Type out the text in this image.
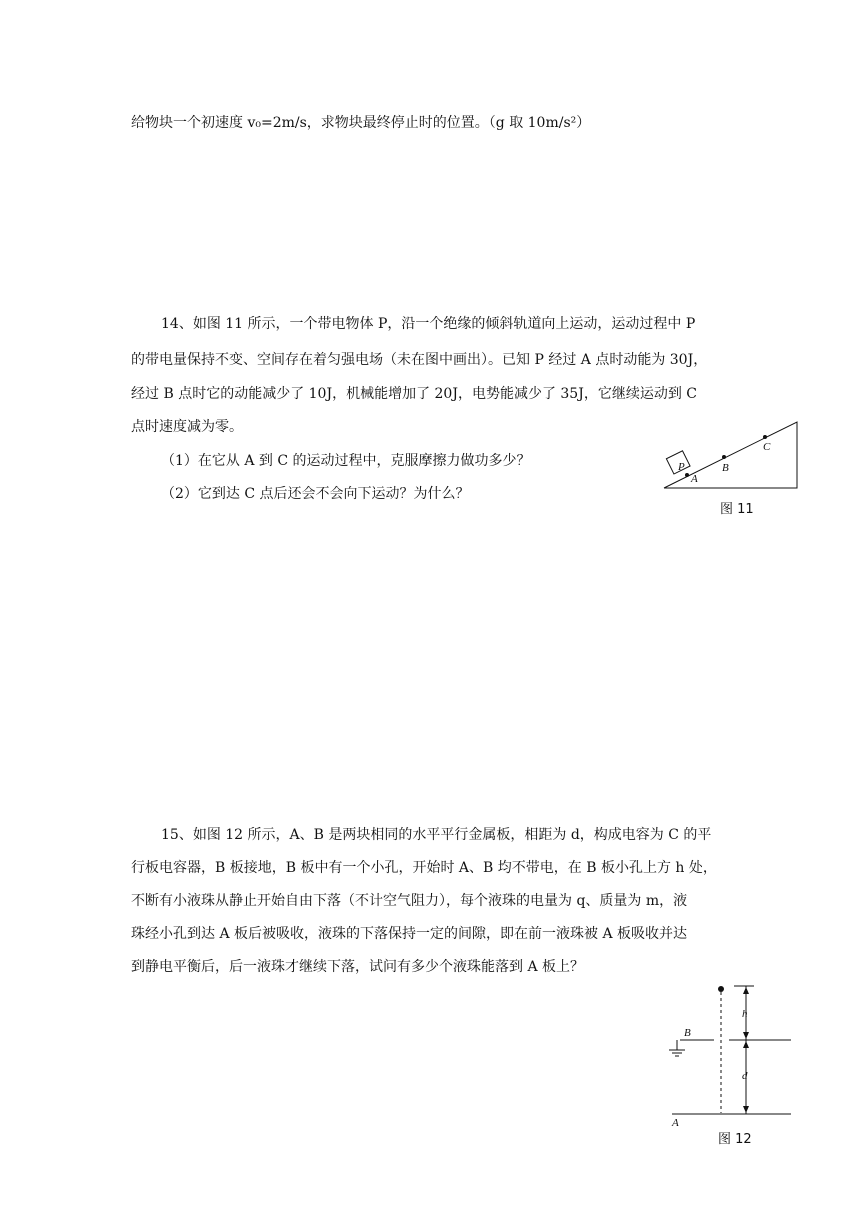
给物块一个初速度 v₀=2m/s，求物块最终停止时的位置。（g 取 10m/s²）
14、如图 11 所示，一个带电物体 P，沿一个绝缘的倾斜轨道向上运动，运动过程中 P
的带电量保持不变、空间存在着匀强电场（未在图中画出）。已知 P 经过 A 点时动能为 30J，
经过 B 点时它的动能减少了 10J，机械能增加了 20J，电势能减少了 35J，它继续运动到 C
点时速度减为零。
（1）在它从 A 到 C 的运动过程中，克服摩擦力做功多少？
（2）它到达 C 点后还会不会向下运动？为什么？
P
A
B
C
图 11
15、如图 12 所示，A、B 是两块相同的水平平行金属板，相距为 d，构成电容为 C 的平
行板电容器，B 板接地，B 板中有一个小孔，开始时 A、B 均不带电，在 B 板小孔上方 h 处，
不断有小液珠从静止开始自由下落（不计空气阻力），每个液珠的电量为 q、质量为 m，液
珠经小孔到达 A 板后被吸收，液珠的下落保持一定的间隙，即在前一液珠被 A 板吸收并达
到静电平衡后，后一液珠才继续下落，试问有多少个液珠能落到 A 板上？
h
d
B
A
图 12
